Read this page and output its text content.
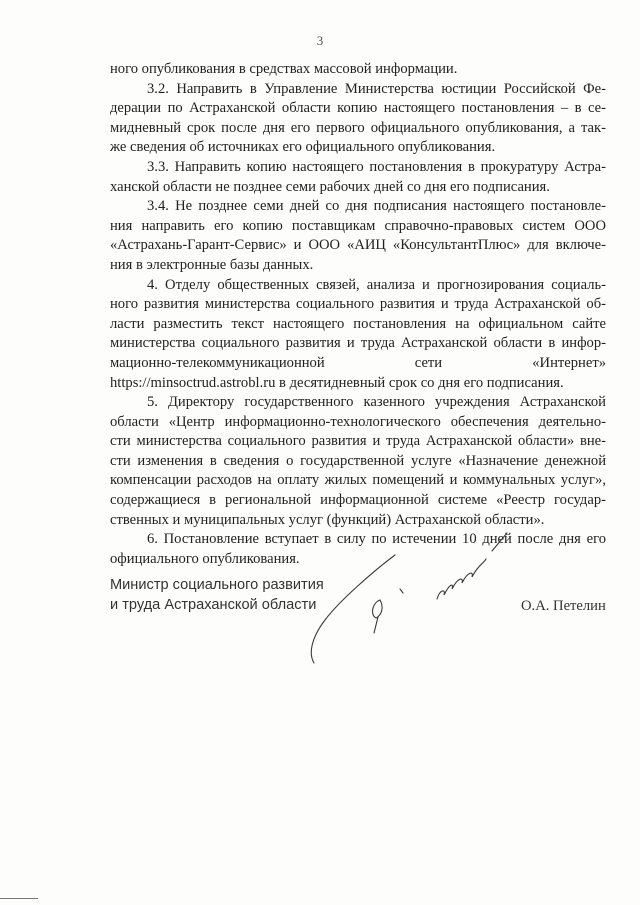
3

ного опубликования в средствах массовой информации.

3.2. Направить в Управление Министерства юстиции Российской Фе-
дерации по Астраханской области копию настоящего постановления – в се-
мидневный срок после дня его первого официального опубликования, а так-
же сведения об источниках его официального опубликования.

3.3. Направить копию настоящего постановления в прокуратуру Астра-
ханской области не позднее семи рабочих дней со дня его подписания.

3.4. Не позднее семи дней со дня подписания настоящего постановле-
ния направить его копию поставщикам справочно-правовых систем ООО
«Астрахань-Гарант-Сервис» и ООО «АИЦ «КонсультантПлюс» для включе-
ния в электронные базы данных.

4. Отделу общественных связей, анализа и прогнозирования социаль-
ного развития министерства социального развития и труда Астраханской об-
ласти разместить текст настоящего постановления на официальном сайте
министерства социального развития и труда Астраханской области в инфор-
мационно-телекоммуникационной сети «Интернет»
https://minsoctrud.astrobl.ru в десятидневный срок со дня его подписания.

5. Директору государственного казенного учреждения Астраханской
области «Центр информационно-технологического обеспечения деятельно-
сти министерства социального развития и труда Астраханской области» вне-
сти изменения в сведения о государственной услуге «Назначение денежной
компенсации расходов на оплату жилых помещений и коммунальных услуг»,
содержащиеся в региональной информационной системе «Реестр государ-
ственных и муниципальных услуг (функций) Астраханской области».

6. Постановление вступает в силу по истечении 10 дней после дня его
официального опубликования.

Министр социального развития
и труда Астраханской области	О.А. Петелин
